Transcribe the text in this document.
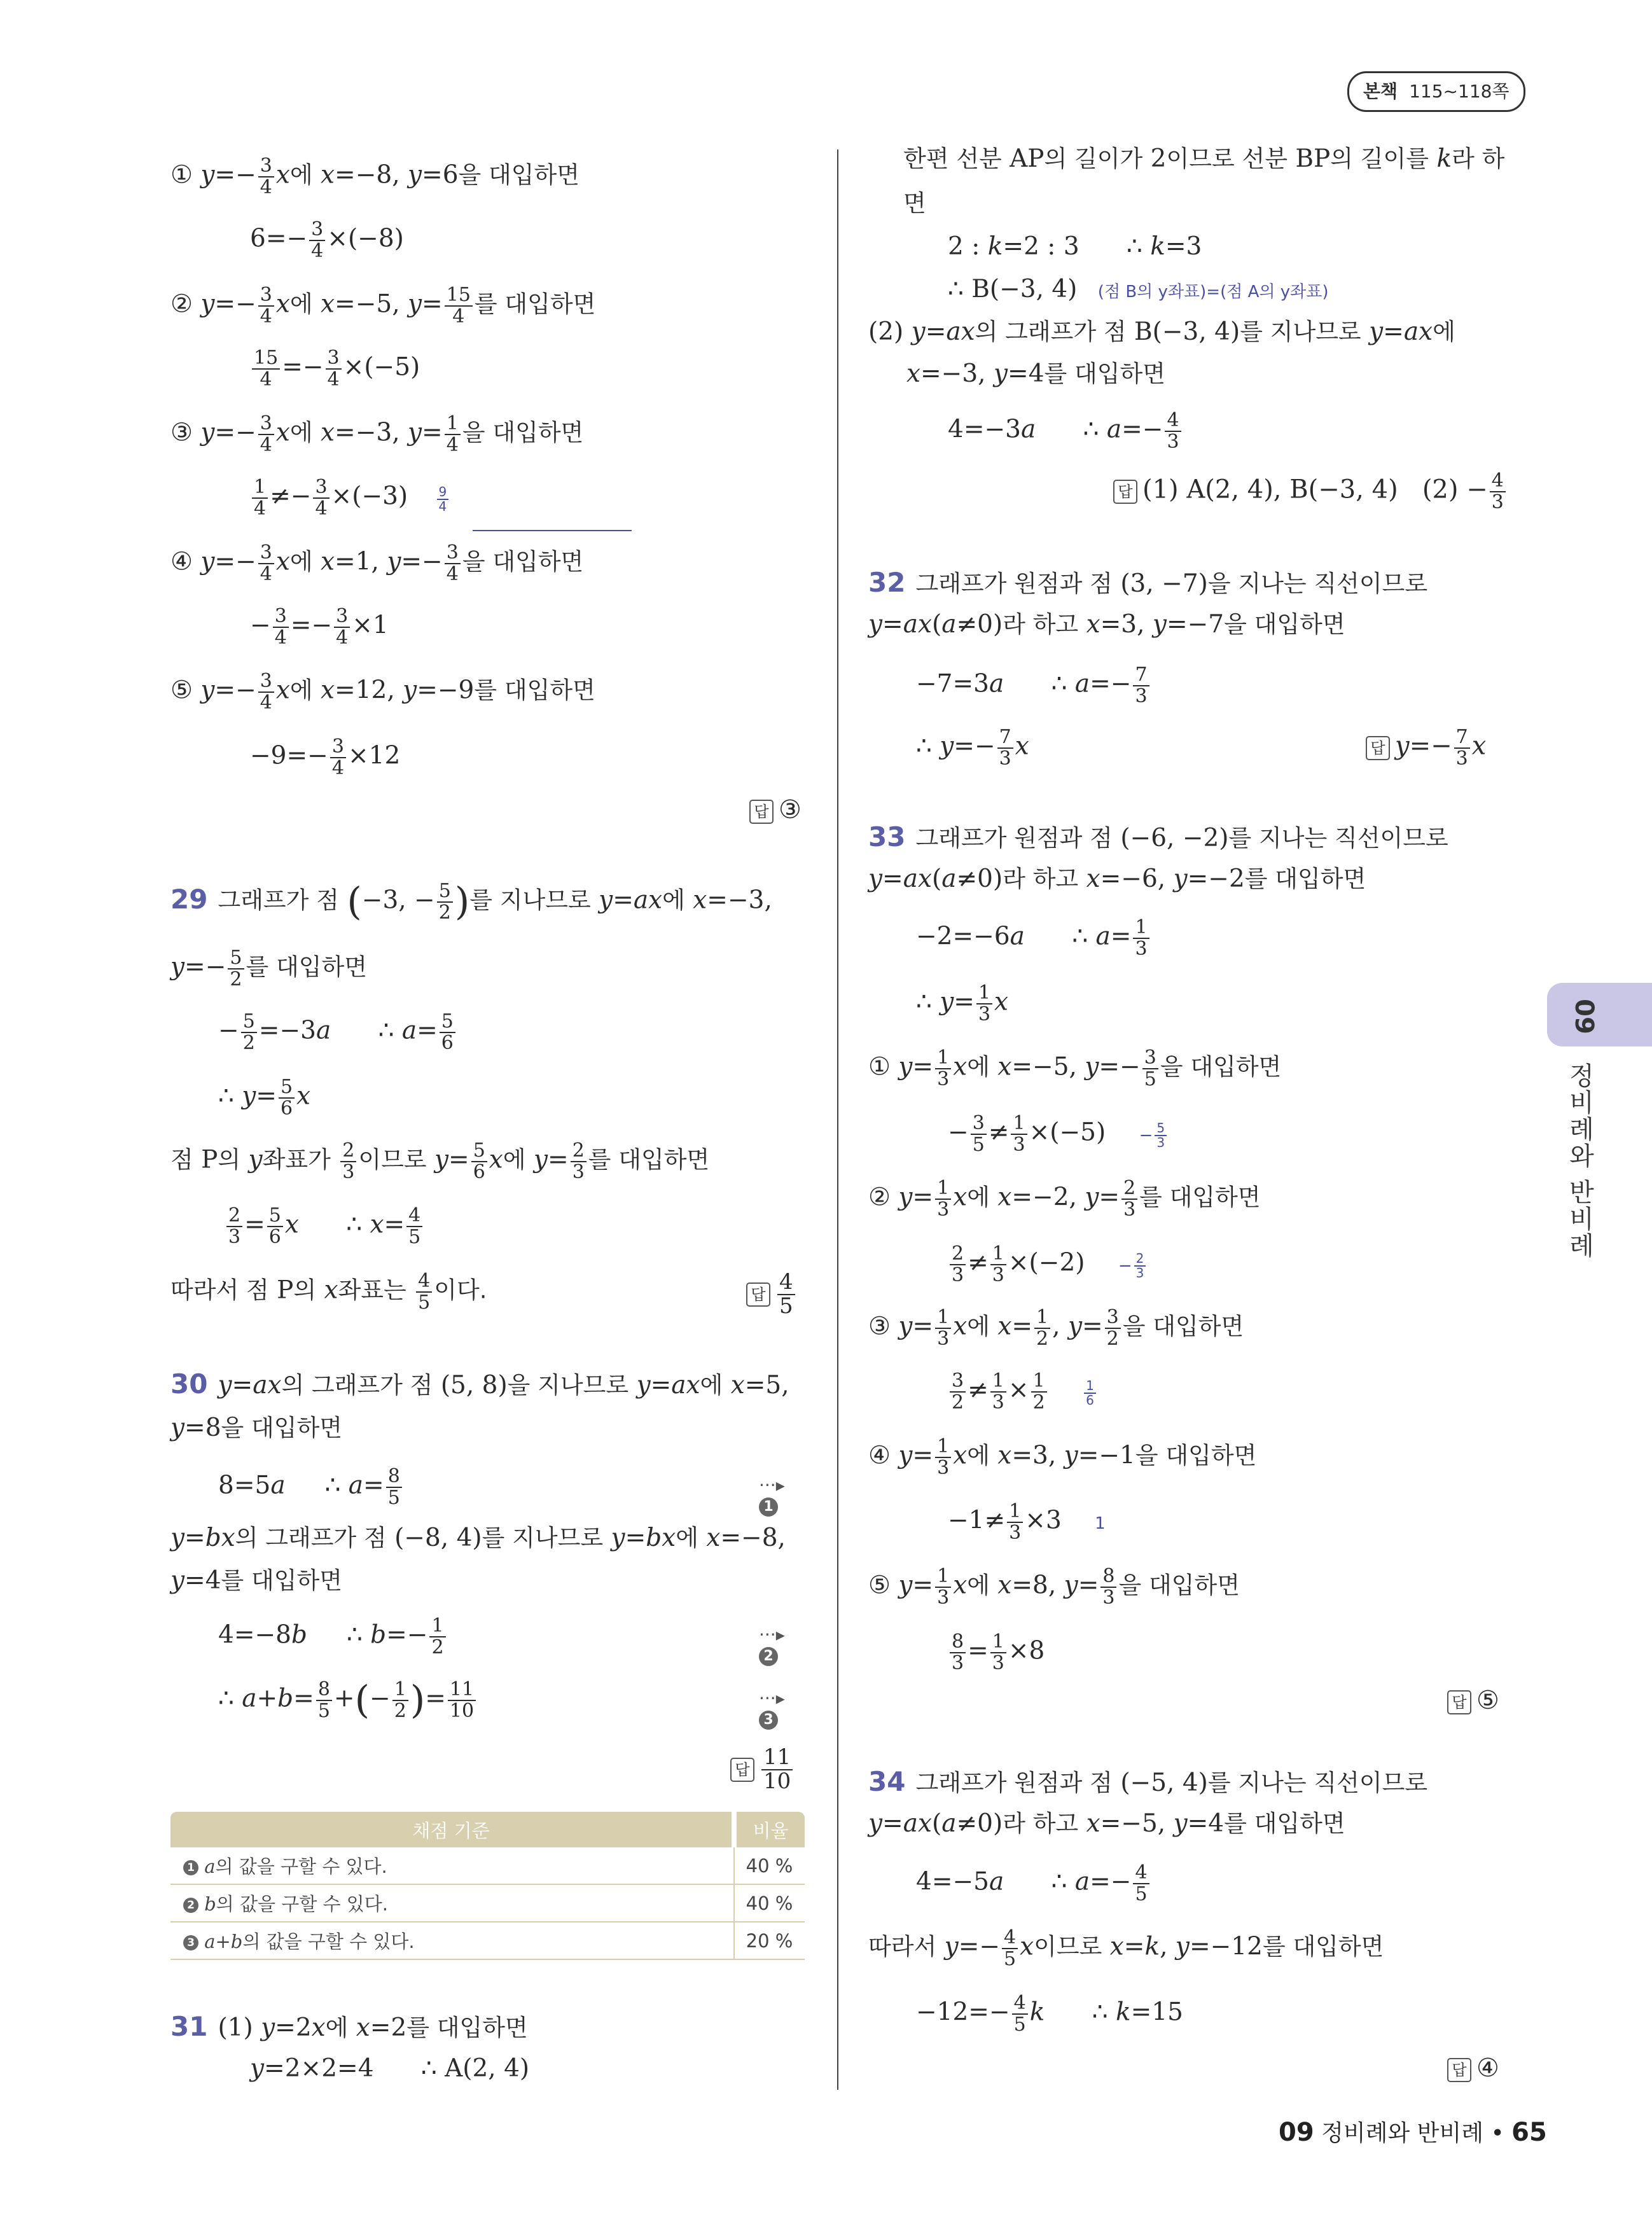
본책 115~118쪽
09
정비례와 반비례
① $y=- \frac{3}{4}$ x에 x=−8, y=6을 대입하면
$6=- \frac{3}{4} \times(-8)$
② $y=- \frac{3}{4}$ x에 x=−5, $y= \frac{15}{4}$ 를 대입하면
$\frac{15}{4} =- \frac{3}{4} \times(-5)$
③ $y=- \frac{3}{4}$ x에 x=−3, $y= \frac{1}{4}$ 을 대입하면
$\frac{1}{4} \ne- \frac{3}{4} \times(-3) \frac{9}{4}$
④ $y=- \frac{3}{4}$ x에 x=1, $y=- \frac{3}{4}$ 을 대입하면
− $\frac{3}{4} =- \frac{3}{4} \times 1$
⑤ $y=- \frac{3}{4}$ x에 x=12, y=−9를 대입하면
$-9=- \frac{3}{4} \times 12$
답 ③
29 그래프가 점 (−3, − $\frac{5}{2}$ )를 지나므로 y=ax에 x=−3,
$y=- \frac{5}{2}$ 를 대입하면
− $\frac{5}{2} =-3a$      ∴ $a= \frac{5}{6}$
∴ $y= \frac{5}{6}$ x
점 P의 y좌표가 $\frac{2}{3}$ 이므로 $y= \frac{5}{6}$ x에 $y= \frac{2}{3}$ 를 대입하면
$\frac{2}{3} = \frac{5}{6}$ x      ∴ $x= \frac{4}{5}$
따라서 점 P의 x좌표는 $\frac{4}{5}$ 이다.	답 $\frac{4}{5}$
30 y=ax의 그래프가 점 (5, 8)을 지나므로 y=ax에 x=5,
y=8을 대입하면
8=5a     ∴ $a= \frac{8}{5}$	···▸ 1
y=bx의 그래프가 점 (−8, 4)를 지나므로 y=bx에 x=−8,
y=4를 대입하면
4=−8b     ∴ $b=- \frac{1}{2}$	···▸ 2
∴ $a+b= \frac{8}{5}$ +(− $\frac{1}{2}$ )= $\frac{11}{10}$	···▸ 3
답 $\frac{11}{10}$
31 (1) y=2x에 x=2를 대입하면
y=2×2=4      ∴ A(2, 4)
채점 기준	비율
1 a의 값을 구할 수 있다.	40 %
2 b의 값을 구할 수 있다.	40 %
3 a+b의 값을 구할 수 있다.	20 %
한편 선분 AP의 길이가 2이므로 선분 BP의 길이를 k라 하
면
2 : k=2 : 3      ∴ k=3
∴ B(−3, 4) (점 B의 y좌표)=(점 A의 y좌표)
(2) y=ax의 그래프가 점 B(−3, 4)를 지나므로 y=ax에
x=−3, y=4를 대입하면
4=−3a      ∴ $a=- \frac{4}{3}$
답 (1) A(2, 4), B(−3, 4)   $(2) - \frac{4}{3}$
32 그래프가 원점과 점 (3, −7)을 지나는 직선이므로
y=ax(a≠0)라 하고 x=3, y=−7을 대입하면
−7=3a      ∴ $a=- \frac{7}{3}$
∴ $y=- \frac{7}{3}$ x	답 $y=- \frac{7}{3}$ x
33 그래프가 원점과 점 (−6, −2)를 지나는 직선이므로
y=ax(a≠0)라 하고 x=−6, y=−2를 대입하면
−2=−6a      ∴ $a= \frac{1}{3}$
∴ $y= \frac{1}{3}$ x
① $y= \frac{1}{3}$ x에 x=−5, $y=- \frac{3}{5}$ 을 대입하면
− $\frac{3}{5} \ne \frac{1}{3} \times(-5) - \frac{5}{3}$
② $y= \frac{1}{3}$ x에 x=−2, $y= \frac{2}{3}$ 를 대입하면
$\frac{2}{3} \ne \frac{1}{3} \times(-2) - \frac{2}{3}$
③ $y= \frac{1}{3}$ x에 $x= \frac{1}{2}$ , $y= \frac{3}{2}$ 을 대입하면
$\frac{3}{2} \ne \frac{1}{3} \times \frac{1}{2}$
	$\frac{1}{6}$
④ $y= \frac{1}{3}$ x에 x=3, y=−1을 대입하면
$-1\ne \frac{1}{3} \times 3$ 1
⑤ $y= \frac{1}{3}$ x에 x=8, $y= \frac{8}{3}$ 을 대입하면
$\frac{8}{3} = \frac{1}{3} \times 8$
답 ⑤
34 그래프가 원점과 점 (−5, 4)를 지나는 직선이므로
y=ax(a≠0)라 하고 x=−5, y=4를 대입하면
4=−5a      ∴ $a=- \frac{4}{5}$
따라서 $y=- \frac{4}{5}$ x이므로 x=k, y=−12를 대입하면
$-12=- \frac{4}{5}$ k      ∴ k=15
답 ④
09 정비례와 반비례 • 65
